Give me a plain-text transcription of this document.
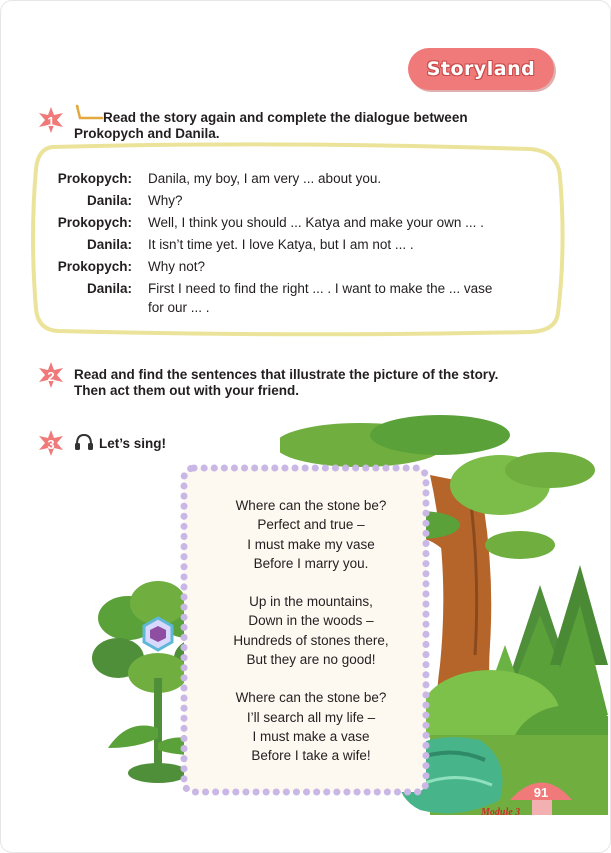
Storyland
1	Read the story again and complete the dialogue between
Prokopych and Danila.
Prokopych: Danila, my boy, I am very ... about you.
Danila: Why?
Prokopych: Well, I think you should ... Katya and make your own ... .
Danila: It isn’t time yet. I love Katya, but I am not ... .
Prokopych: Why not?
Danila: First I need to find the right ... . I want to make the ... vase
for our ... .
2	Read and find the sentences that illustrate the picture of the story.
Then act them out with your friend.
3	Let’s sing!
Where can the stone be?
Perfect and true –
I must make my vase
Before I marry you.
Up in the mountains,
Down in the woods –
Hundreds of stones there,
But they are no good!
Where can the stone be?
I’ll search all my life –
I must make a vase
Before I take a wife!
91
Module 3
